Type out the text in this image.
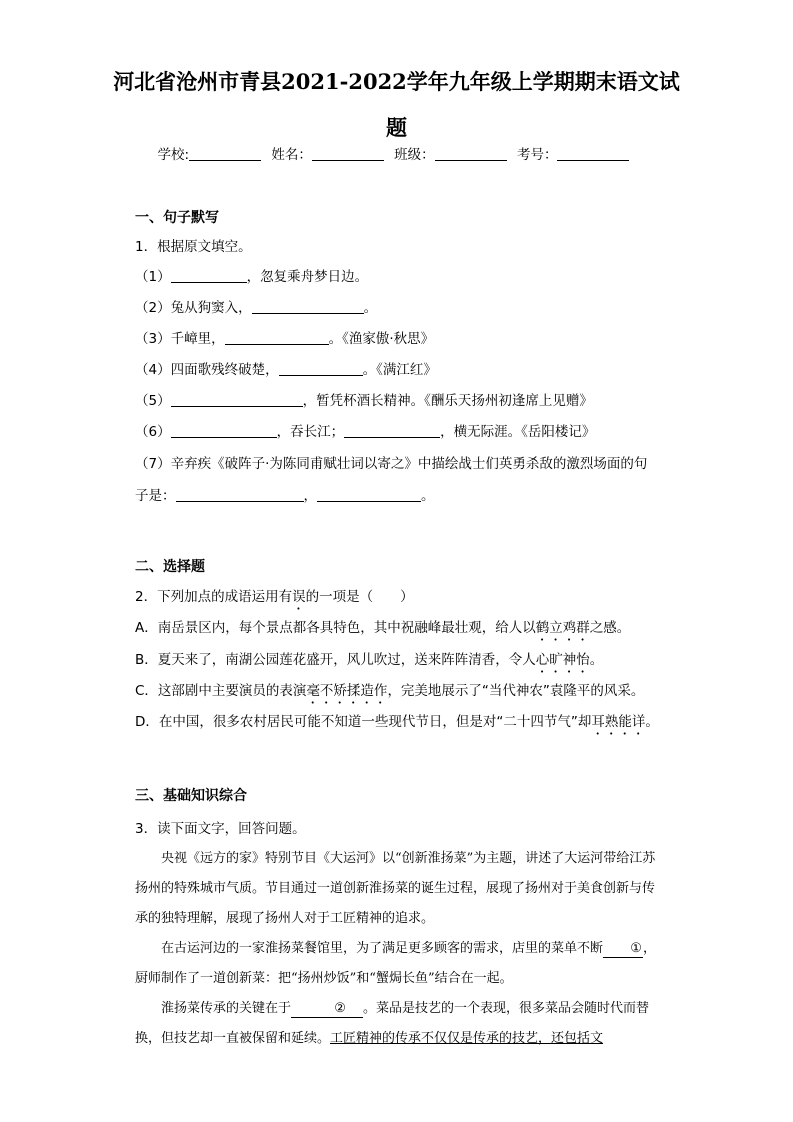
河北省沧州市青县2021-2022学年九年级上学期期末语文试
题
学校:	姓名：	班级：	考号：
一、句子默写
1．根据原文填空。
（1）	，忽复乘舟梦日边。
（2）兔从狗窦入，	。
（3）千嶂里，	。《渔家傲·秋思》
（4）四面歌残终破楚，	。《满江红》
（5）	，暂凭杯酒长精神。《酬乐天扬州初逢席上见赠》
（6）	，吞长江；	，横无际涯。《岳阳楼记》
（7）辛弃疾《破阵子·为陈同甫赋壮词以寄之》中描绘战士们英勇杀敌的激烈场面的句
子是：	，	。
二、选择题
2．下列加点的成语运用有误的一项是（　　）
A．南岳景区内，每个景点都各具特色，其中祝融峰最壮观，给人以鹤立鸡群之感。
B．夏天来了，南湖公园莲花盛开，风儿吹过，送来阵阵清香，令人心旷神怡。
C．这部剧中主要演员的表演毫不矫揉造作，完美地展示了“当代神农”袁隆平的风采。
D．在中国，很多农村居民可能不知道一些现代节日，但是对“二十四节气”却耳熟能详。
三、基础知识综合
3．读下面文字，回答问题。

央视《远方的家》特别节目《大运河》以“创新淮扬菜”为主题，讲述了大运河带给江苏扬州的特殊城市气质。节目通过一道创新淮扬菜的诞生过程，展现了扬州对于美食创新与传承的独特理解，展现了扬州人对于工匠精神的追求。

在古运河边的一家淮扬菜餐馆里，为了满足更多顾客的需求，店里的菜单不断 ①，厨师制作了一道创新菜：把“扬州炒饭”和“蟹焗长鱼”结合在一起。

淮扬菜传承的关键在于	② 。菜品是技艺的一个表现，很多菜品会随时代而替换，但技艺却一直被保留和延续。工匠精神的传承不仅仅是传承的技艺，还包括文
